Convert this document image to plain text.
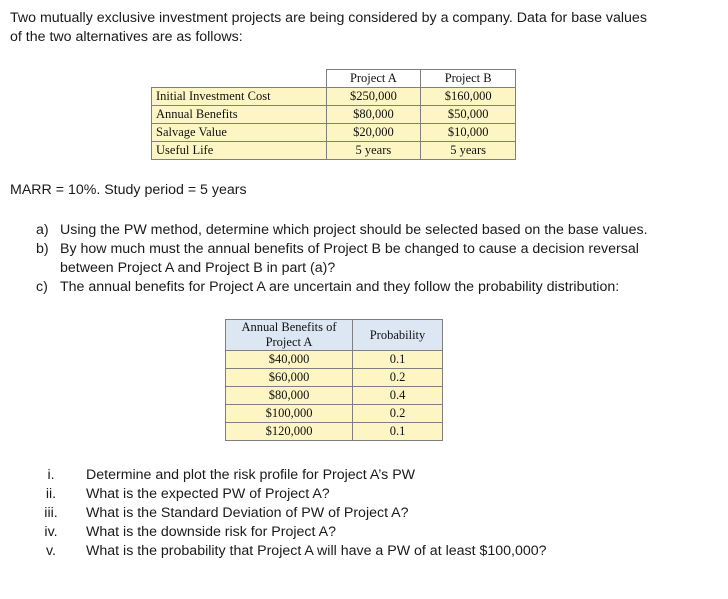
Two mutually exclusive investment projects are being considered by a company. Data for base values
of the two alternatives are as follows:
	Project A	Project B
Initial Investment Cost	$250,000	$160,000
Annual Benefits	$80,000	$50,000
Salvage Value	$20,000	$10,000
Useful Life	5 years	5 years
MARR = 10%. Study period = 5 years
a) Using the PW method, determine which project should be selected based on the base values.
b) By how much must the annual benefits of Project B be changed to cause a decision reversal
between Project A and Project B in part (a)?
c) The annual benefits for Project A are uncertain and they follow the probability distribution:
Annual Benefits of
Project A	Probability
$40,000	0.1
$60,000	0.2
$80,000	0.4
$100,000	0.2
$120,000	0.1
i. Determine and plot the risk profile for Project A’s PW
ii. What is the expected PW of Project A?
iii. What is the Standard Deviation of PW of Project A?
iv. What is the downside risk for Project A?
v. What is the probability that Project A will have a PW of at least $100,000?
